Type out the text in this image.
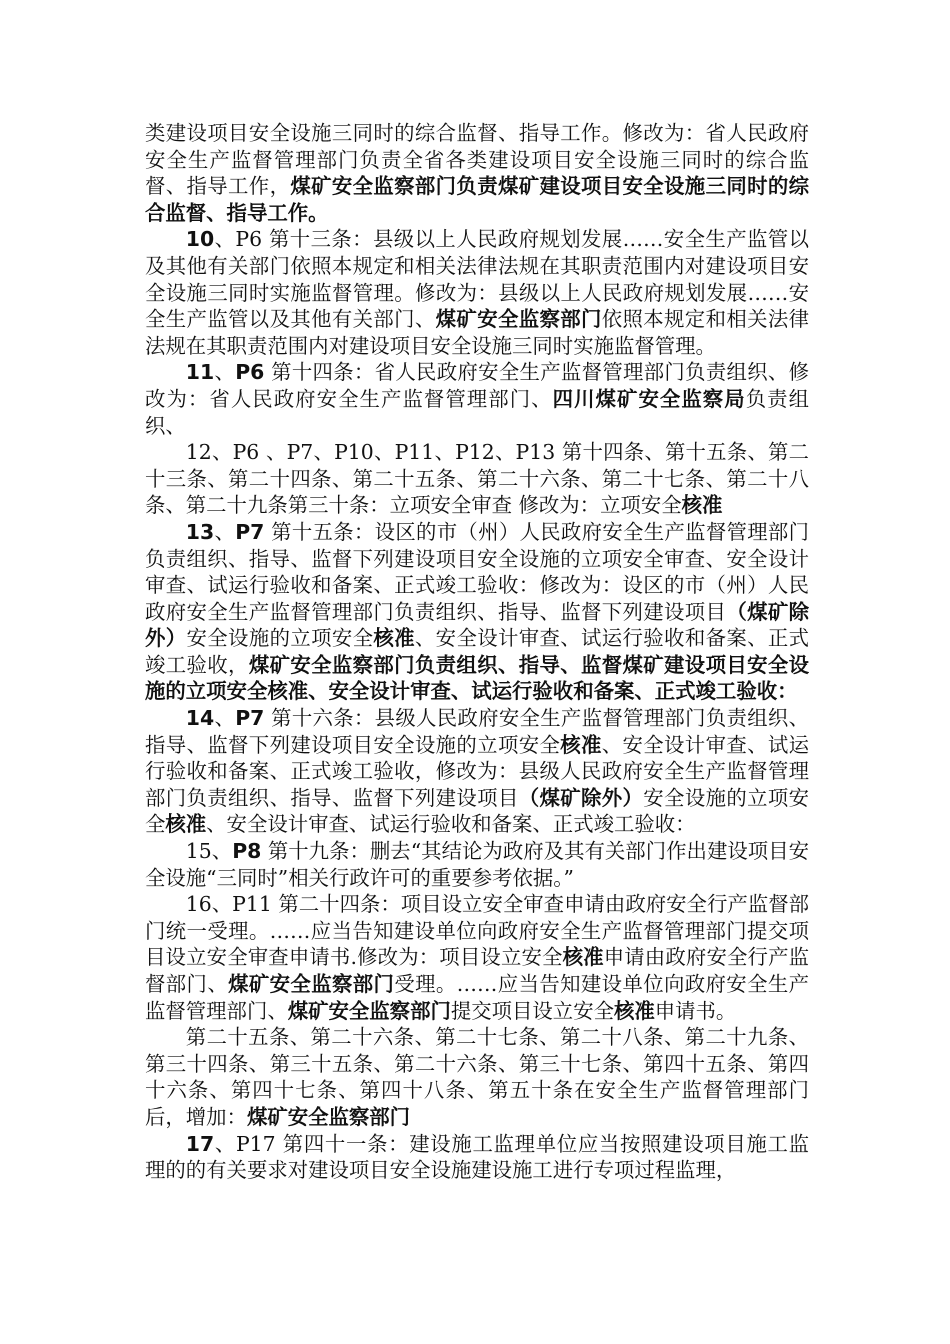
类建设项目安全设施三同时的综合监督、指导工作。修改为：省人民政府安全生产监督管理部门负责全省各类建设项目安全设施三同时的综合监督、指导工作，煤矿安全监察部门负责煤矿建设项目安全设施三同时的综合监督、指导工作。

10、P6 第十三条：县级以上人民政府规划发展……安全生产监管以及其他有关部门依照本规定和相关法律法规在其职责范围内对建设项目安全设施三同时实施监督管理。修改为：县级以上人民政府规划发展……安全生产监管以及其他有关部门、煤矿安全监察部门依照本规定和相关法律法规在其职责范围内对建设项目安全设施三同时实施监督管理。

11、P6 第十四条：省人民政府安全生产监督管理部门负责组织、修改为：省人民政府安全生产监督管理部门、四川煤矿安全监察局负责组织、

12、P6 、P7、P10、P11、P12、P13 第十四条、第十五条、第二十三条、第二十四条、第二十五条、第二十六条、第二十七条、第二十八条、第二十九条第三十条：立项安全审查 修改为：立项安全核准

13、P7 第十五条：设区的市（州）人民政府安全生产监督管理部门负责组织、指导、监督下列建设项目安全设施的立项安全审查、安全设计审查、试运行验收和备案、正式竣工验收：修改为：设区的市（州）人民政府安全生产监督管理部门负责组织、指导、监督下列建设项目（煤矿除外）安全设施的立项安全核准、安全设计审查、试运行验收和备案、正式竣工验收，煤矿安全监察部门负责组织、指导、监督煤矿建设项目安全设施的立项安全核准、安全设计审查、试运行验收和备案、正式竣工验收：

14、P7 第十六条：县级人民政府安全生产监督管理部门负责组织、指导、监督下列建设项目安全设施的立项安全核准、安全设计审查、试运行验收和备案、正式竣工验收，修改为：县级人民政府安全生产监督管理部门负责组织、指导、监督下列建设项目（煤矿除外）安全设施的立项安全核准、安全设计审查、试运行验收和备案、正式竣工验收：

15、P8 第十九条：删去“其结论为政府及其有关部门作出建设项目安全设施“三同时”相关行政许可的重要参考依据。”

16、P11 第二十四条：项目设立安全审查申请由政府安全行产监督部门统一受理。……应当告知建设单位向政府安全生产监督管理部门提交项目设立安全审查申请书.修改为：项目设立安全核准申请由政府安全行产监督部门、煤矿安全监察部门受理。……应当告知建设单位向政府安全生产监督管理部门、煤矿安全监察部门提交项目设立安全核准申请书。

第二十五条、第二十六条、第二十七条、第二十八条、第二十九条、第三十四条、第三十五条、第二十六条、第三十七条、第四十五条、第四十六条、第四十七条、第四十八条、第五十条在安全生产监督管理部门后，增加：煤矿安全监察部门

17、P17 第四十一条：建设施工监理单位应当按照建设项目施工监理的的有关要求对建设项目安全设施建设施工进行专项过程监理，
